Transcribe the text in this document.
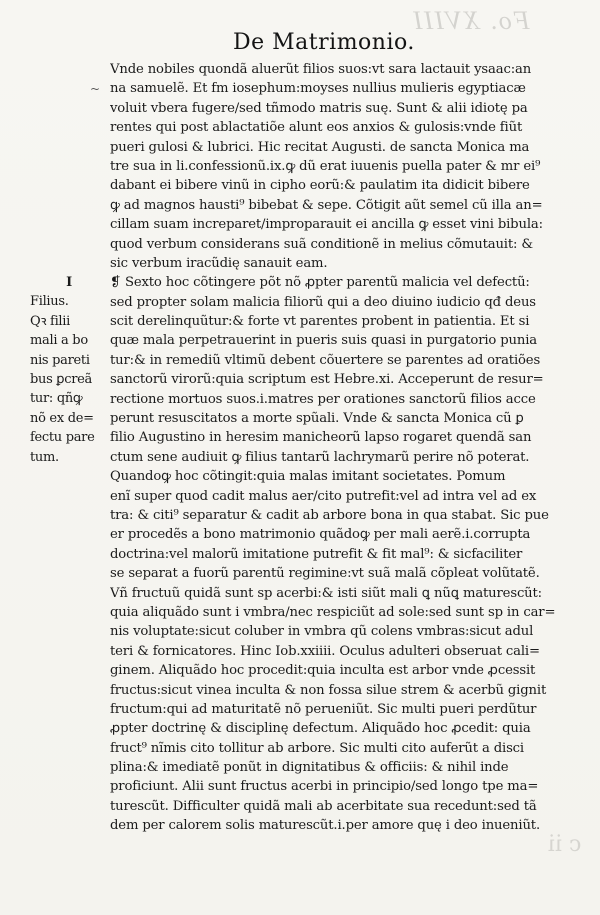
Fo. XVIII
De Matrimonio.
~
Vnde nobiles quondã aluerũt filios suos:vt sara lactauit ysaac:an
na samuelẽ. Et fm iosephum:moyses nullius mulieris egyptiacæ
voluit vbera fugere/sed tñmodo matris suę. Sunt & alii idiotę pa
rentes qui post ablactatiõe alunt eos anxios & gulosis:vnde fiũt
pueri gulosi & lubrici. Hic recitat Augusti. de sancta Monica ma
tre sua in li.confessionũ.ix.ꝙ dũ erat iuuenis puella pater & mr ei⁹
dabant ei bibere vinũ in cipho eorũ:& paulatim ita didicit bibere
ꝙ ad magnos hausti⁹ bibebat & sepe. Cõtigit aũt semel cũ illa an=
cillam suam increparet/improparauit ei ancilla ꝙ esset vini bibula:
quod verbum considerans suã conditionẽ in melius cõmutauit: &
sic verbum iracũdię sanauit eam.
❡ Sexto hoc cõtingere põt nõ ꝓpter parentũ malicia vel defectũ:
sed propter solam malicia filiorũ qui a deo diuino iudicio qđ deus
scit derelinquũtur:& forte vt parentes probent in patientia. Et si
quæ mala perpetrauerint in pueris suis quasi in purgatorio punia
tur:& in remediũ vltimũ debent cõuertere se parentes ad oratiões
sanctorũ virorũ:quia scriptum est Hebre.xi. Acceperunt de resur=
rectione mortuos suos.i.matres per orationes sanctorũ filios acce
perunt resuscitatos a morte spũali. Vnde & sancta Monica cũ ꝑ
filio Augustino in heresim manicheorũ lapso rogaret quendã san
ctum sene audiuit ꝙ filius tantarũ lachrymarũ perire nõ poterat.
Quandoꝙ hoc cõtingit:quia malas imitant societates. Pomum
enĩ super quod cadit malus aer/cito putrefit:vel ad intra vel ad ex
tra: & citi⁹ separatur & cadit ab arbore bona in qua stabat. Sic pue
er procedẽs a bono matrimonio quãdoꝙ per mali aerẽ.i.corrupta
doctrina:vel malorũ imitatione putrefit & fit mal⁹: & sicfaciliter
se separat a fuorũ parentũ regimine:vt suã malã cõpleat volũtatẽ.
Vñ fructuũ quidã sunt sp acerbi:& isti siũt mali ꝗ nũꝗ maturescũt:
quia aliquãdo sunt i vmbra/nec respiciũt ad sole:sed sunt sp in car=
nis voluptate:sicut coluber in vmbra qũ colens vmbras:sicut adul
teri & fornicatores. Hinc Iob.xxiiii. Oculus adulteri obseruat cali=
ginem. Aliquãdo hoc procedit:quia inculta est arbor vnde ꝓcessit
fructus:sicut vinea inculta & non fossa silue strem & acerbũ gignit
fructum:qui ad maturitatẽ nõ perueniũt. Sic multi pueri perdũtur
ꝓpter doctrinę & disciplinę defectum. Aliquãdo hoc ꝓcedit: quia
fruct⁹ nĩmis cito tollitur ab arbore. Sic multi cito auferũt a disci
plina:& imediatẽ ponũt in dignitatibus & officiis: & nihil inde
proficiunt. Alii sunt fructus acerbi in principio/sed longo tpe ma=
turescũt. Difficulter quidã mali ab acerbitate sua recedunt:sed tã
dem per calorem solis maturescũt.i.per amore quę i deo inueniũt.
I
Filius.
Qꝛ filii
mali a bo
nis pareti
bus ꝑcreã
tur: qñꝙ
nõ ex de=
fectu pare
tum.
c ii
